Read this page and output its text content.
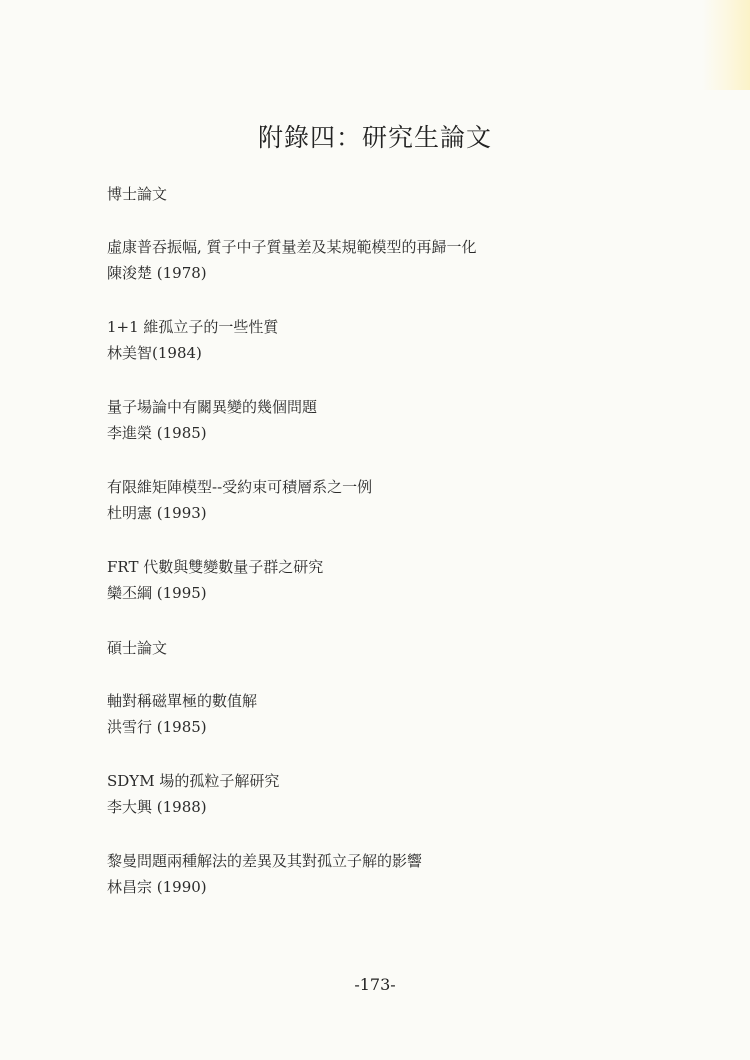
附錄四：研究生論文
博士論文
虛康普吞振幅, 質子中子質量差及某規範模型的再歸一化
陳浚楚 (1978)
1+1 維孤立子的一些性質
林美智(1984)
量子場論中有關異變的幾個問題
李進榮 (1985)
有限維矩陣模型--受約束可積層系之一例
杜明憲 (1993)
FRT 代數與雙變數量子群之研究
欒丕綱 (1995)
碩士論文
軸對稱磁單極的數值解
洪雪行 (1985)
SDYM 場的孤粒子解研究
李大興 (1988)
黎曼問題兩種解法的差異及其對孤立子解的影響
林昌宗 (1990)
-173-
